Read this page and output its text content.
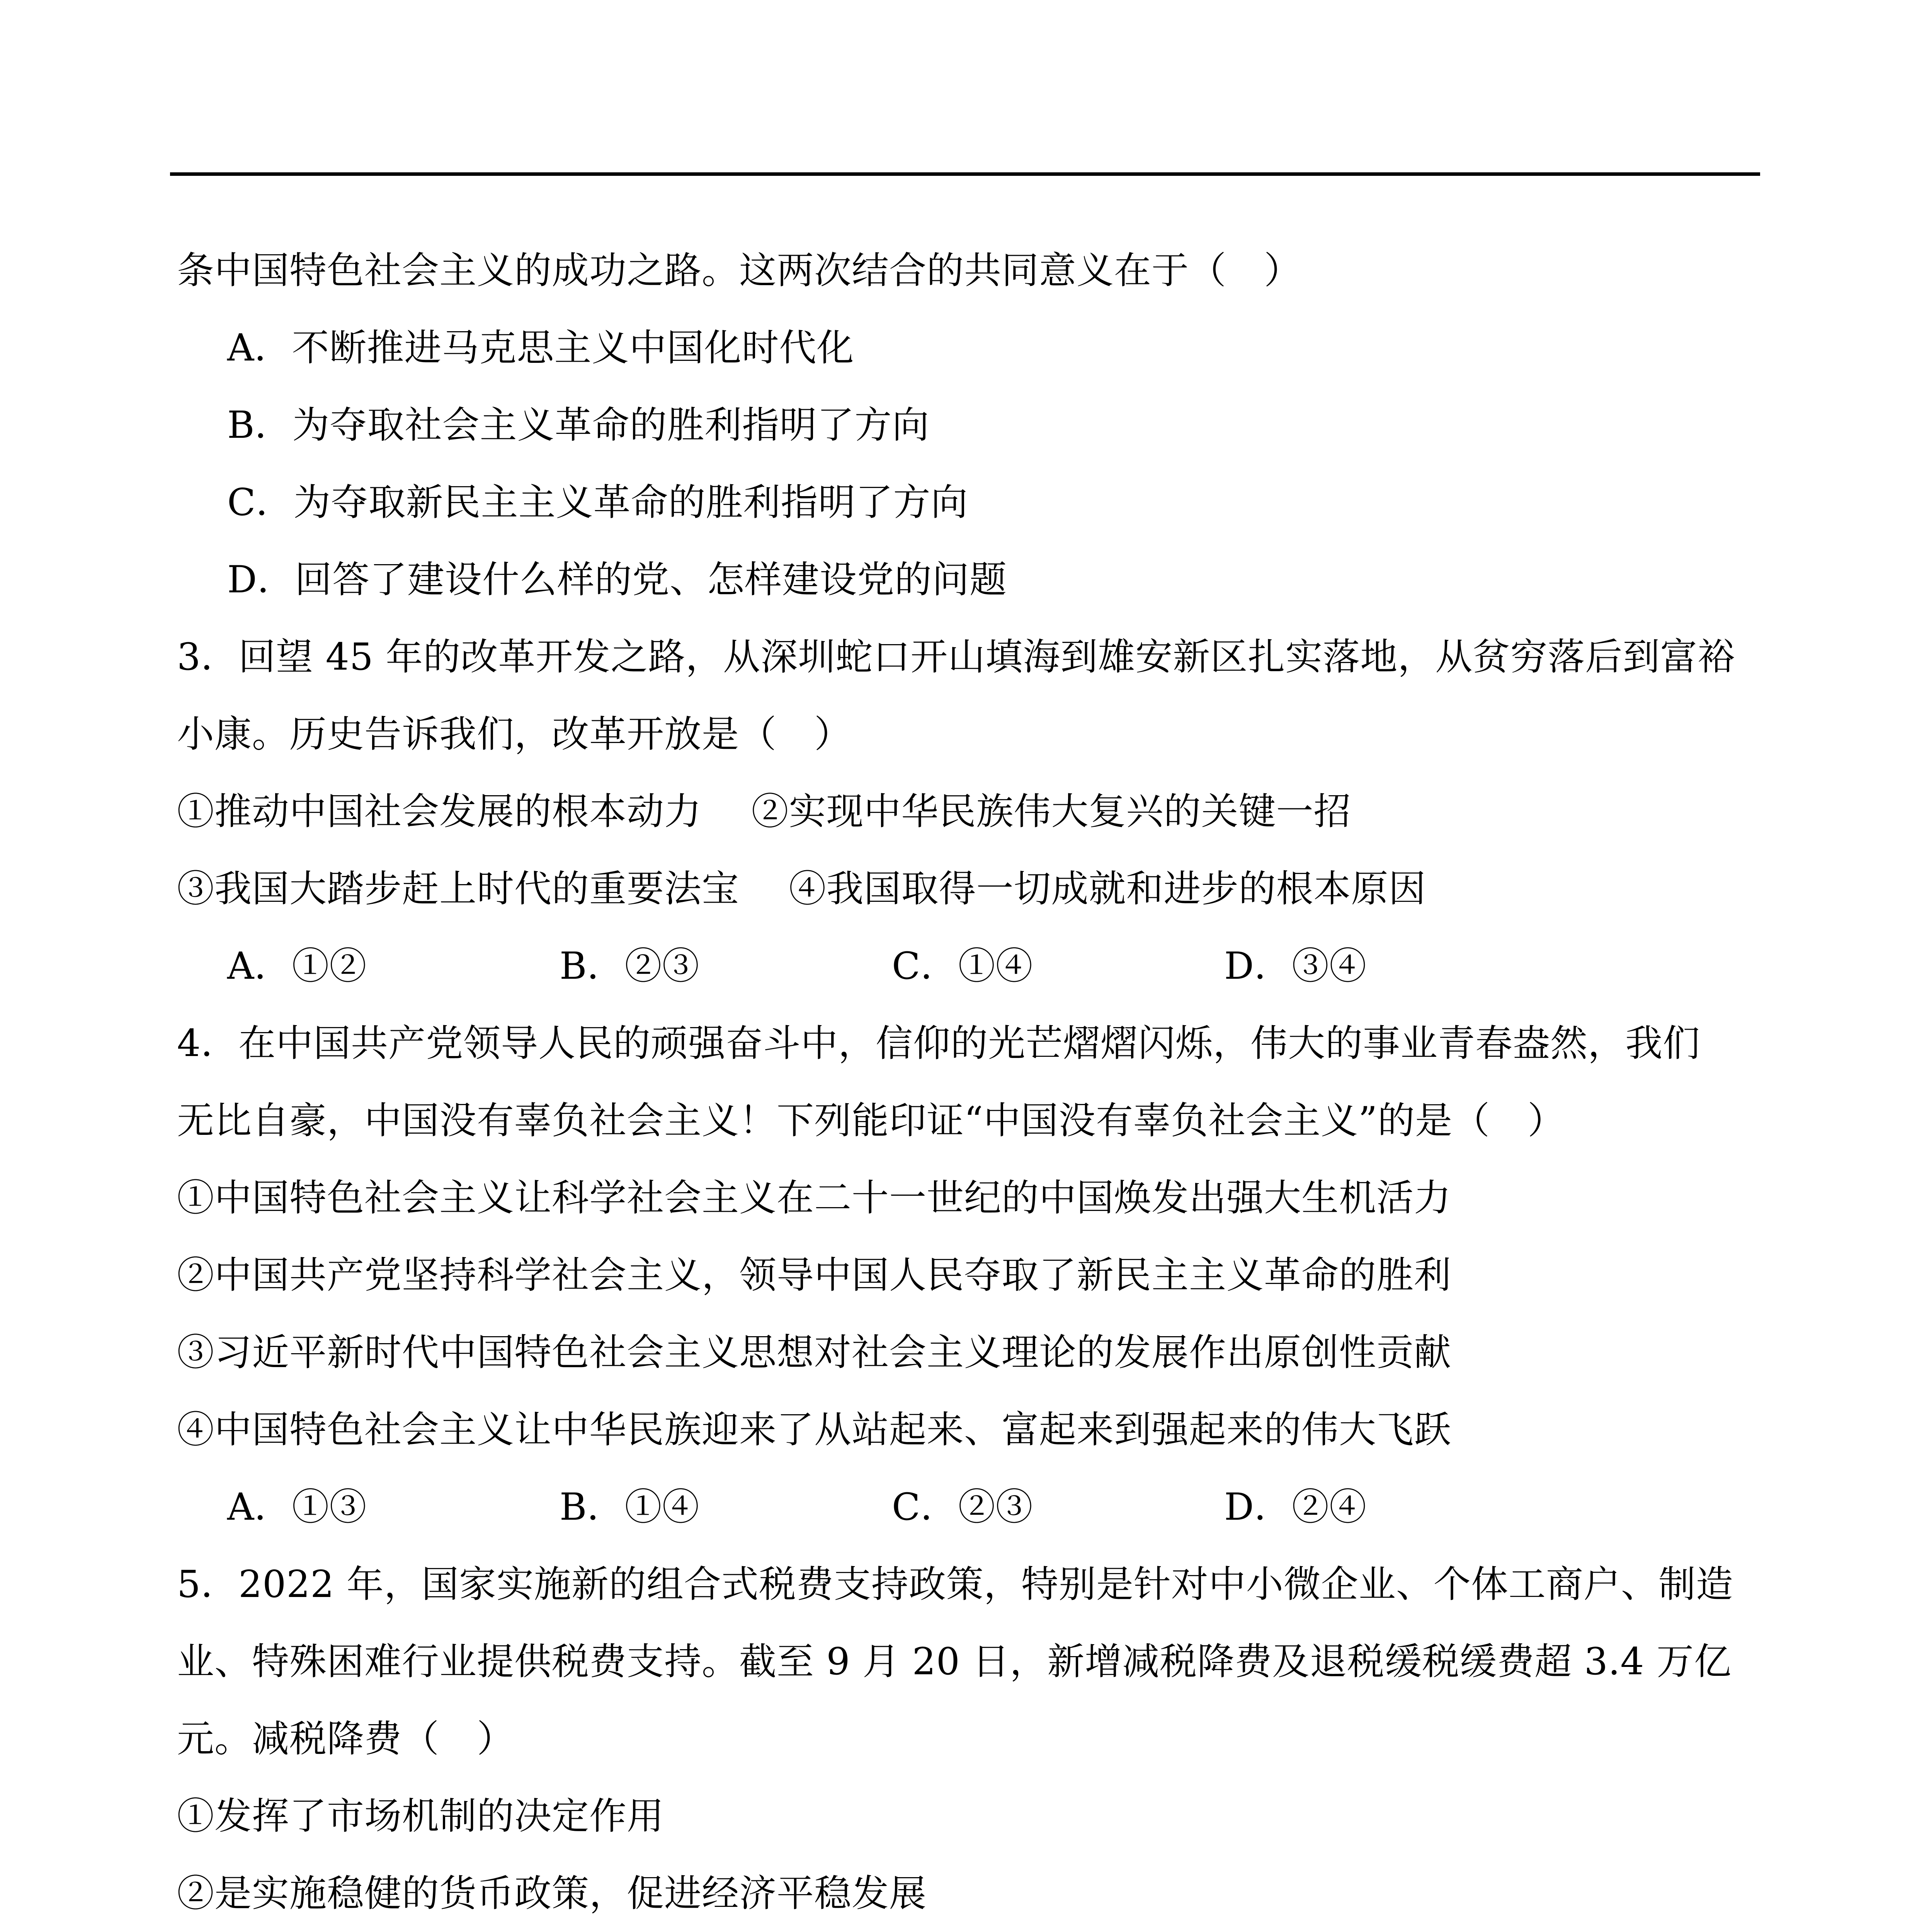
条中国特色社会主义的成功之路。这两次结合的共同意义在于（　）
A．不断推进马克思主义中国化时代化
B．为夺取社会主义革命的胜利指明了方向
C．为夺取新民主主义革命的胜利指明了方向
D．回答了建设什么样的党、怎样建设党的问题
3．回望 45 年的改革开发之路，从深圳蛇口开山填海到雄安新区扎实落地，从贫穷落后到富裕
小康。历史告诉我们，改革开放是（　）
①推动中国社会发展的根本动力　 ②实现中华民族伟大复兴的关键一招
③我国大踏步赶上时代的重要法宝　 ④我国取得一切成就和进步的根本原因
A．①②	B．②③	C．①④	D．③④
4．在中国共产党领导人民的顽强奋斗中，信仰的光芒熠熠闪烁，伟大的事业青春盎然，我们
无比自豪，中国没有辜负社会主义！下列能印证“中国没有辜负社会主义”的是（　）
①中国特色社会主义让科学社会主义在二十一世纪的中国焕发出强大生机活力
②中国共产党坚持科学社会主义，领导中国人民夺取了新民主主义革命的胜利
③习近平新时代中国特色社会主义思想对社会主义理论的发展作出原创性贡献
④中国特色社会主义让中华民族迎来了从站起来、富起来到强起来的伟大飞跃
A．①③	B．①④	C．②③	D．②④
5．2022 年，国家实施新的组合式税费支持政策，特别是针对中小微企业、个体工商户、制造
业、特殊困难行业提供税费支持。截至 9 月 20 日，新增减税降费及退税缓税缓费超 3.4 万亿
元。减税降费（　）
①发挥了市场机制的决定作用
②是实施稳健的货币政策，促进经济平稳发展
